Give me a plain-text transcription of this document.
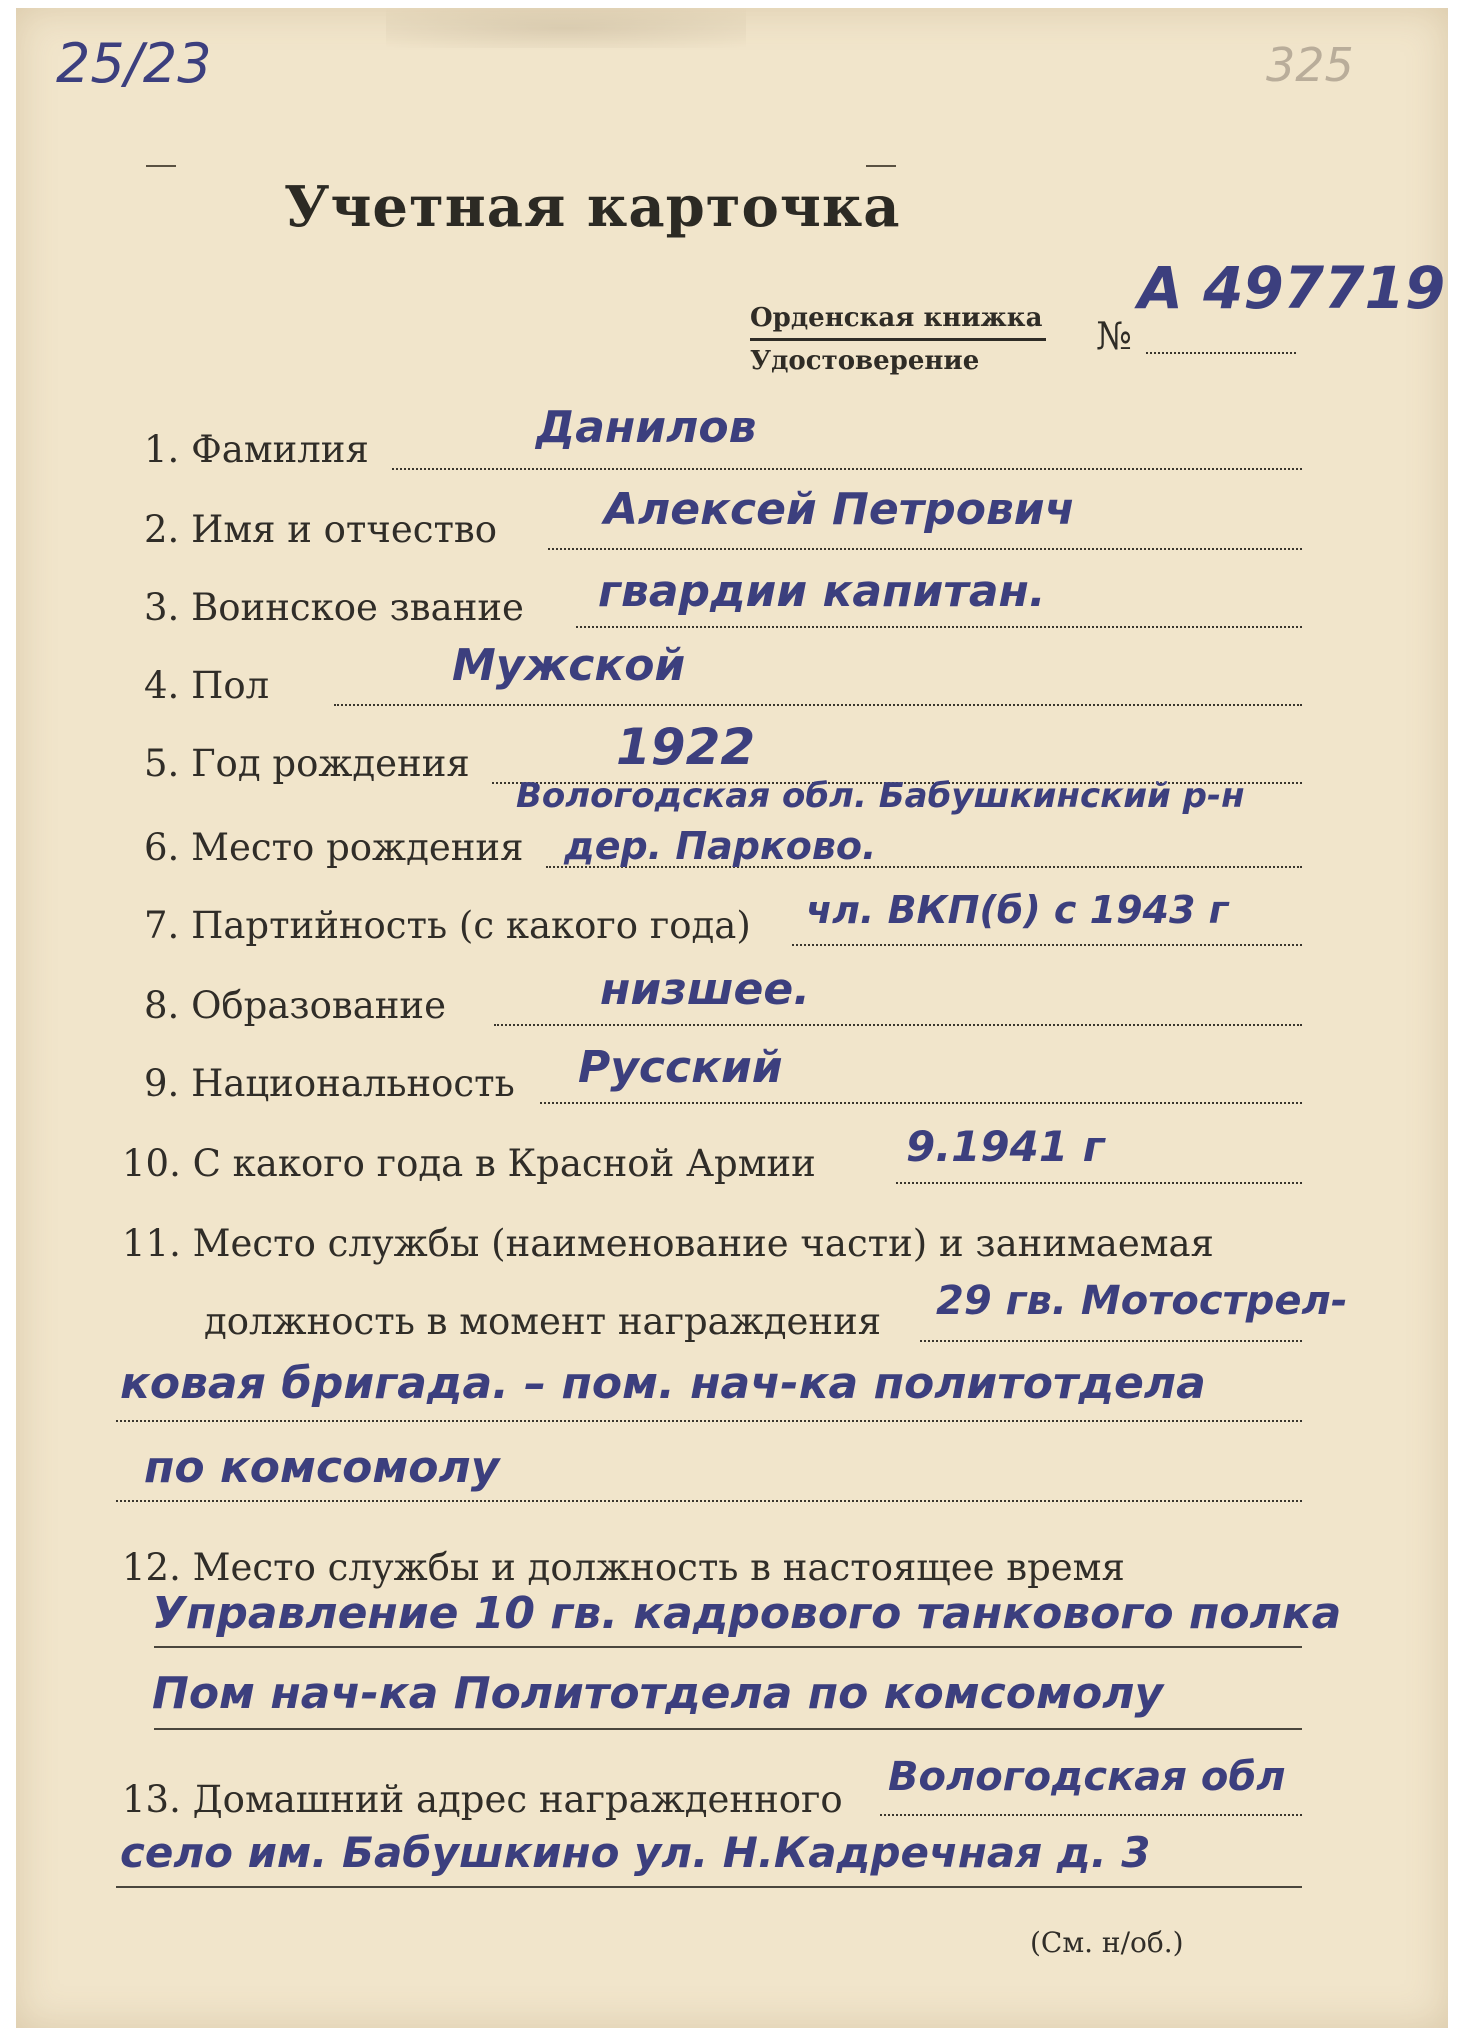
25/23	325
Учетная карточка
Орденская книжка
Удостоверение
№
А 497719
1. Фамилия	Данилов
2. Имя и отчество Алексей Петрович
3. Воинское звание гвардии капитан.
4. Пол	Мужской
5. Год рождения	1922
Вологодская обл. Бабушкинский р-н
6. Место рождения дер. Парково.
7. Партийность (с какого года) чл. ВКП(б) с 1943 г
8. Образование	низшее.
9. Национальность Русский
10. С какого года в Красной Армии 9.1941 г
11. Место службы (наименование части) и занимаемая
должность в момент награждения 29 гв. Мотострел-
ковая бригада. – пом. нач-ка политотдела
по комсомолу
12. Место службы и должность в настоящее время
Управление 10 гв. кадрового танкового полка
Пом нач-ка Политотдела по комсомолу
13. Домашний адрес награжденного Вологодская обл
село им. Бабушкино ул. Н.Кадречная д. 3
(См. н/об.)
